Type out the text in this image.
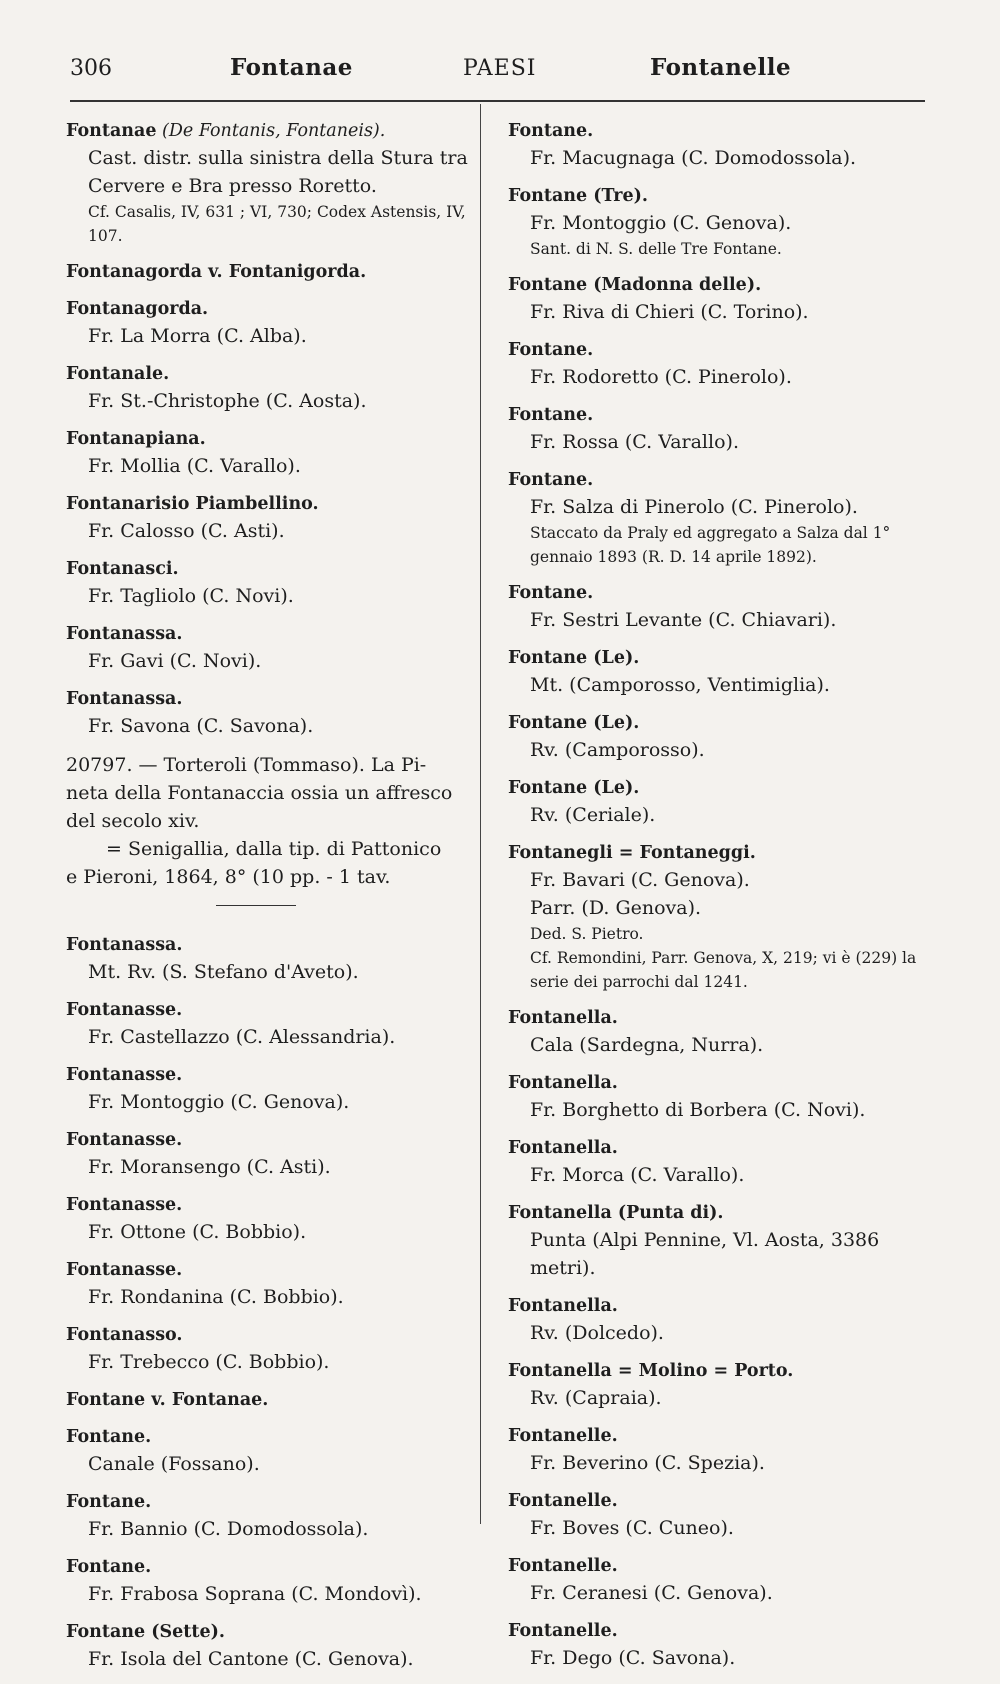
306	Fontanae	PAESI	Fontanelle
Fontanae (De Fontanis, Fontaneis).
Cast. distr. sulla sinistra della Stura tra
Cervere e Bra presso Roretto.
Cf. Casalis, IV, 631 ; VI, 730; Codex Astensis, IV, 107.
Fontanagorda v. Fontanigorda.
Fontanagorda.
Fr. La Morra (C. Alba).
Fontanale.
Fr. St.-Christophe (C. Aosta).
Fontanapiana.
Fr. Mollia (C. Varallo).
Fontanarisio Piambellino.
Fr. Calosso (C. Asti).
Fontanasci.
Fr. Tagliolo (C. Novi).
Fontanassa.
Fr. Gavi (C. Novi).
Fontanassa.
Fr. Savona (C. Savona).
20797. — Torteroli (Tommaso). La Pi-
neta della Fontanaccia ossia un affresco
del secolo xiv.
= Senigallia, dalla tip. di Pattonico
e Pieroni, 1864, 8° (10 pp. - 1 tav.
Fontanassa.
Mt. Rv. (S. Stefano d'Aveto).
Fontanasse.
Fr. Castellazzo (C. Alessandria).
Fontanasse.
Fr. Montoggio (C. Genova).
Fontanasse.
Fr. Moransengo (C. Asti).
Fontanasse.
Fr. Ottone (C. Bobbio).
Fontanasse.
Fr. Rondanina (C. Bobbio).
Fontanasso.
Fr. Trebecco (C. Bobbio).
Fontane v. Fontanae.
Fontane.
Canale (Fossano).
Fontane.
Fr. Bannio (C. Domodossola).
Fontane.
Fr. Frabosa Soprana (C. Mondovì).
Fontane (Sette).
Fr. Isola del Cantone (C. Genova).
Fontane.
Fr. Macugnaga (C. Domodossola).
Fontane (Tre).
Fr. Montoggio (C. Genova).
Sant. di N. S. delle Tre Fontane.
Fontane (Madonna delle).
Fr. Riva di Chieri (C. Torino).
Fontane.
Fr. Rodoretto (C. Pinerolo).
Fontane.
Fr. Rossa (C. Varallo).
Fontane.
Fr. Salza di Pinerolo (C. Pinerolo).
Staccato da Praly ed aggregato a Salza dal 1° gennaio 1893 (R. D. 14 aprile 1892).
Fontane.
Fr. Sestri Levante (C. Chiavari).
Fontane (Le).
Mt. (Camporosso, Ventimiglia).
Fontane (Le).
Rv. (Camporosso).
Fontane (Le).
Rv. (Ceriale).
Fontanegli = Fontaneggi.
Fr. Bavari (C. Genova).
Parr. (D. Genova).
Ded. S. Pietro.
Cf. Remondini, Parr. Genova, X, 219; vi è (229) la serie dei parrochi dal 1241.
Fontanella.
Cala (Sardegna, Nurra).
Fontanella.
Fr. Borghetto di Borbera (C. Novi).
Fontanella.
Fr. Morca (C. Varallo).
Fontanella (Punta di).
Punta (Alpi Pennine, Vl. Aosta, 3386
metri).
Fontanella.
Rv. (Dolcedo).
Fontanella = Molino = Porto.
Rv. (Capraia).
Fontanelle.
Fr. Beverino (C. Spezia).
Fontanelle.
Fr. Boves (C. Cuneo).
Fontanelle.
Fr. Ceranesi (C. Genova).
Fontanelle.
Fr. Dego (C. Savona).
